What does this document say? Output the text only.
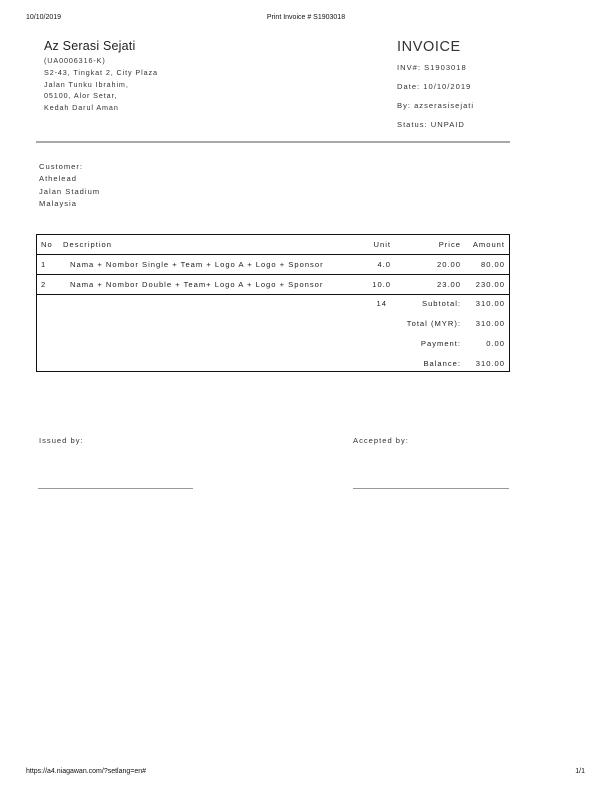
10/10/2019	Print Invoice # S1903018
Az Serasi Sejati
(UA0006316-K)
S2-43, Tingkat 2, City Plaza
Jalan Tunku Ibrahim,
05100, Alor Setar,
Kedah Darul Aman
INVOICE
INV#: S1903018
Date: 10/10/2019
By: azserasisejati
Status: UNPAID
Customer:
Athelead
Jalan Stadium
Malaysia
No Description	Unit	Price Amount
1	Nama + Nombor Single + Team + Logo A + Logo + Sponsor	4.0	20.00	80.00
2	Nama + Nombor Double + Team+ Logo A + Logo + Sponsor	10.0	23.00 230.00
14	Subtotal: 310.00
Total (MYR): 310.00
Payment:	0.00
Balance: 310.00
Issued by:	Accepted by:
https://a4.niagawan.com/?setlang=en#	1/1
